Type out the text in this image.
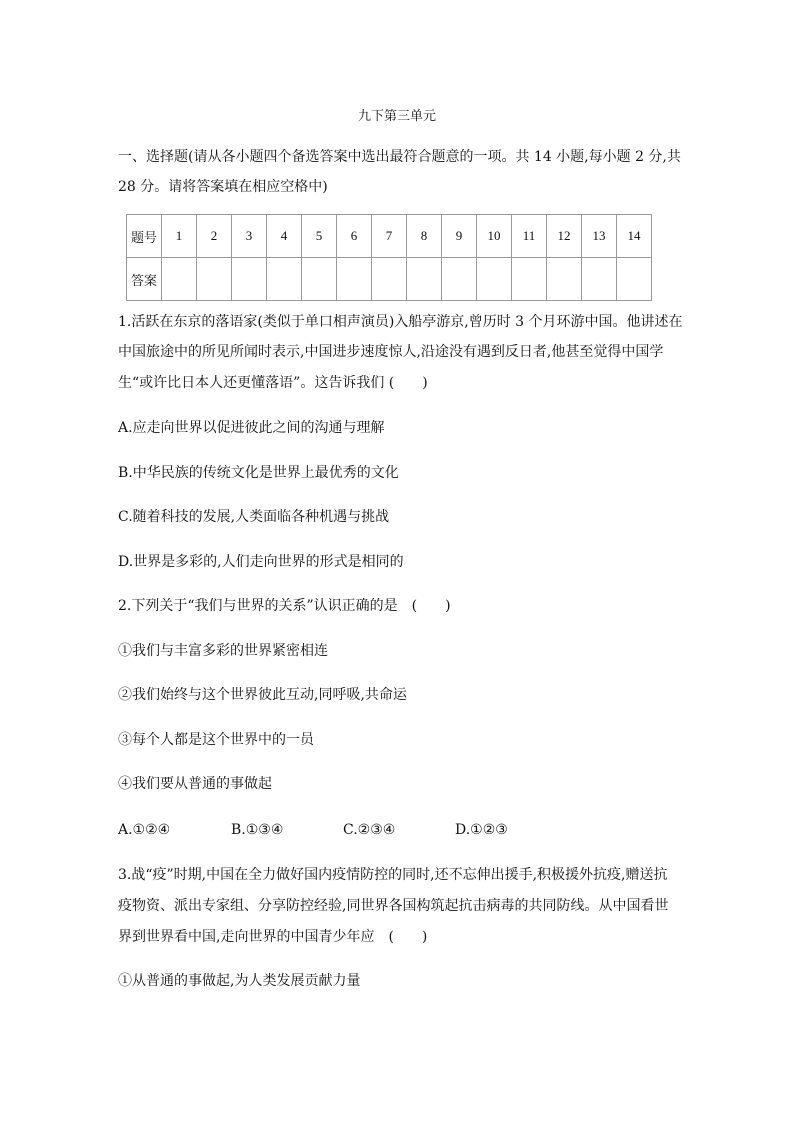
九下第三单元
一、选择题(请从各小题四个备选答案中选出最符合题意的一项。共 14 小题,每小题 2 分,共
28 分。请将答案填在相应空格中)
题号	1	2	3	4	5	6	7	8	9	10	11	12	13	14
答案														
1.活跃在东京的落语家(类似于单口相声演员)入船亭游京,曾历时 3 个月环游中国。他讲述在
中国旅途中的所见所闻时表示,中国进步速度惊人,沿途没有遇到反日者,他甚至觉得中国学
生“或许比日本人还更懂落语”。这告诉我们 (　　)
A.应走向世界以促进彼此之间的沟通与理解
B.中华民族的传统文化是世界上最优秀的文化
C.随着科技的发展,人类面临各种机遇与挑战
D.世界是多彩的,人们走向世界的形式是相同的
2.下列关于“我们与世界的关系”认识正确的是　(　　)
①我们与丰富多彩的世界紧密相连
②我们始终与这个世界彼此互动,同呼吸,共命运
③每个人都是这个世界中的一员
④我们要从普通的事做起
A.①②④	B.①③④	C.②③④	D.①②③
3.战“疫”时期,中国在全力做好国内疫情防控的同时,还不忘伸出援手,积极援外抗疫,赠送抗
疫物资、派出专家组、分享防控经验,同世界各国构筑起抗击病毒的共同防线。从中国看世
界到世界看中国,走向世界的中国青少年应　(　　)
①从普通的事做起,为人类发展贡献力量
